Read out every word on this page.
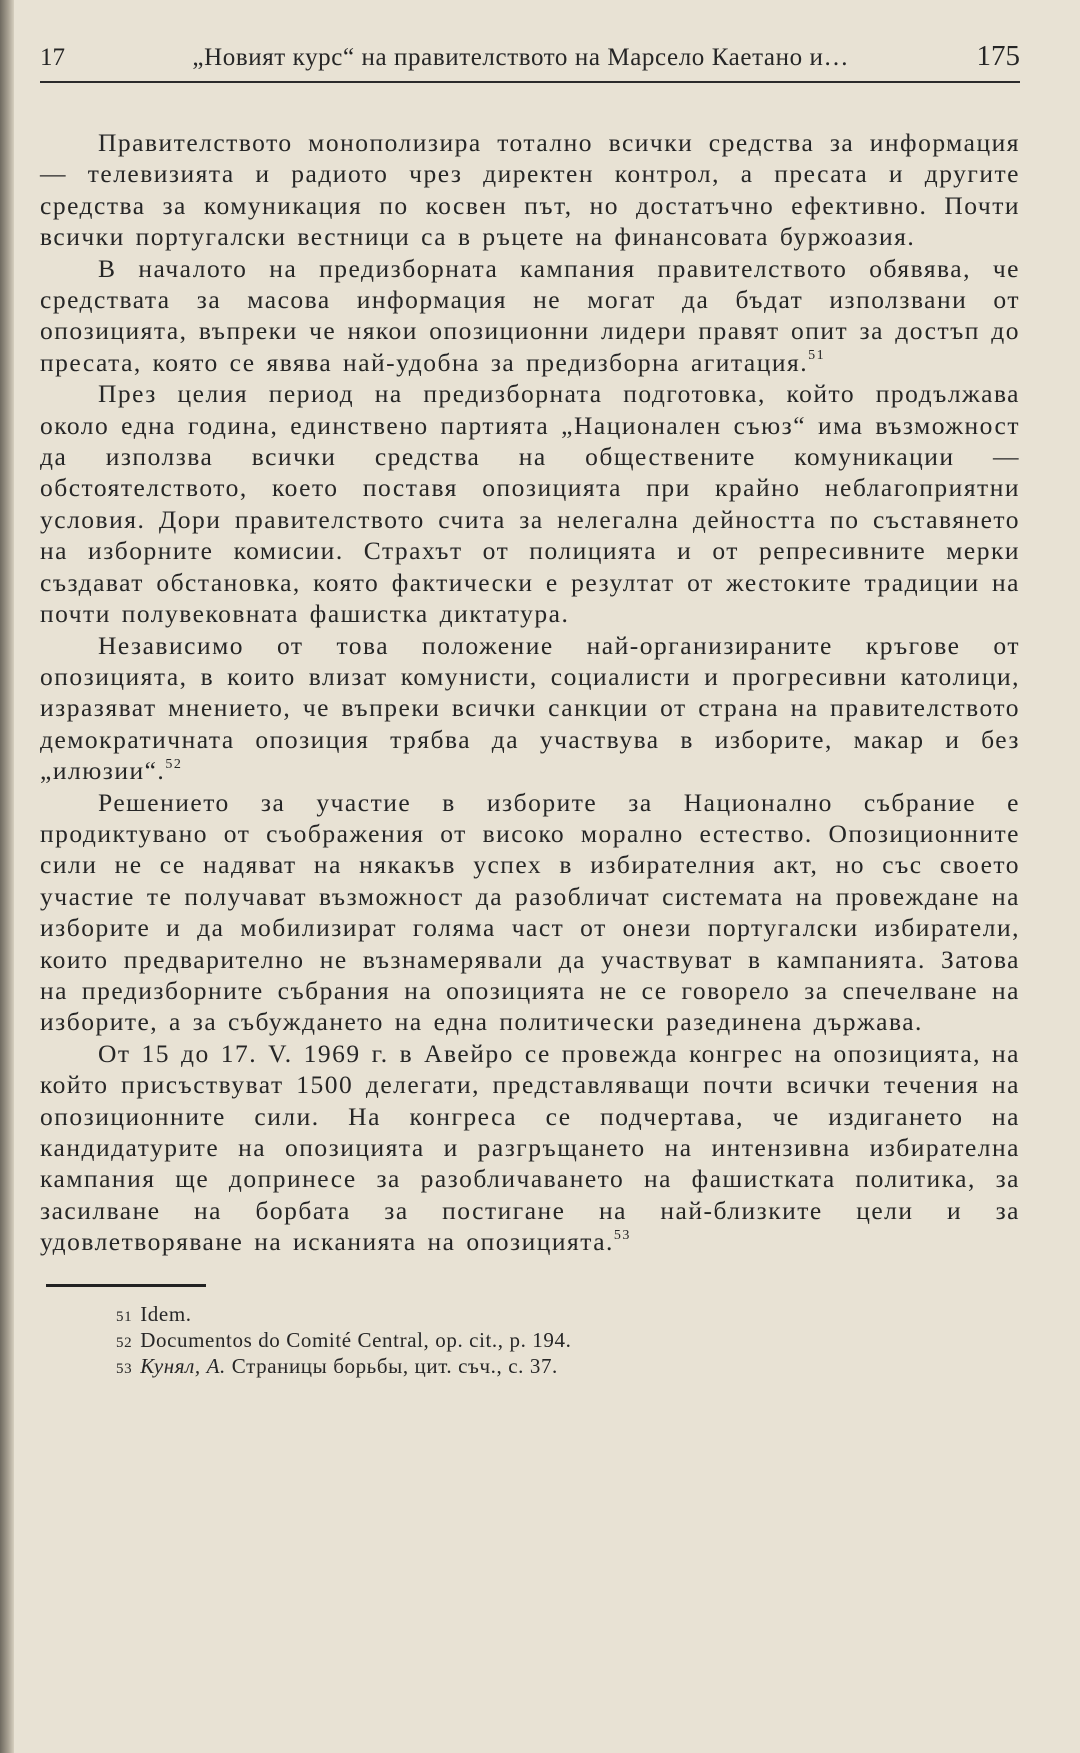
17	„Новият курс“ на правителството на Марсело Каетано и…	175

Правителството монополизира тотално всички средства за информация — телевизията и радиото чрез директен контрол, а пресата и другите средства за комуникация по косвен път, но достатъчно ефективно. Почти всички португалски вестници са в ръцете на финансовата буржоазия.

В началото на предизборната кампания правителството обявява, че средствата за масова информация не могат да бъдат използвани от опозицията, въпреки че някои опозиционни лидери правят опит за достъп до пресата, която се явява най-удобна за предизборна агитация.$^{51}$

През целия период на предизборната подготовка, който продължава около една година, единствено партията „Национален съюз“ има възможност да използва всички средства на обществените комуникации — обстоятелството, което поставя опозицията при крайно неблагоприятни условия. Дори правителството счита за нелегална дейността по съставянето на изборните комисии. Страхът от полицията и от репресивните мерки създават обстановка, която фактически е резултат от жестоките традиции на почти полувековната фашистка диктатура.

Независимо от това положение най-организираните кръгове от опозицията, в които влизат комунисти, социалисти и прогресивни католици, изразяват мнението, че въпреки всички санкции от страна на правителството демократичната опозиция трябва да участвува в изборите, макар и без „илюзии“.$^{52}$

Решението за участие в изборите за Национално събрание е продиктувано от съображения от високо морално естество. Опозиционните сили не се надяват на някакъв успех в избирателния акт, но със своето участие те получават възможност да разобличат системата на провеждане на изборите и да мобилизират голяма част от онези португалски избиратели, които предварително не възнамерявали да участвуват в кампанията. Затова на предизборните събрания на опозицията не се говорело за спечелване на изборите, а за събуждането на една политически разединена държава.

От 15 до 17. V. 1969 г. в Авейро се провежда конгрес на опозицията, на който присъствуват 1500 делегати, представляващи почти всички течения на опозиционните сили. На конгреса се подчертава, че издигането на кандидатурите на опозицията и разгръщането на интензивна избирателна кампания ще допринесе за разобличаването на фашистката политика, за засилване на борбата за постигане на най-близките цели и за удовлетворяване на исканията на опозицията.$^{53}$

51 Idem.
52 Documentos do Comité Central, op. cit., p. 194.
53 Кунял, А. Страницы борьбы, цит. съч., с. 37.
